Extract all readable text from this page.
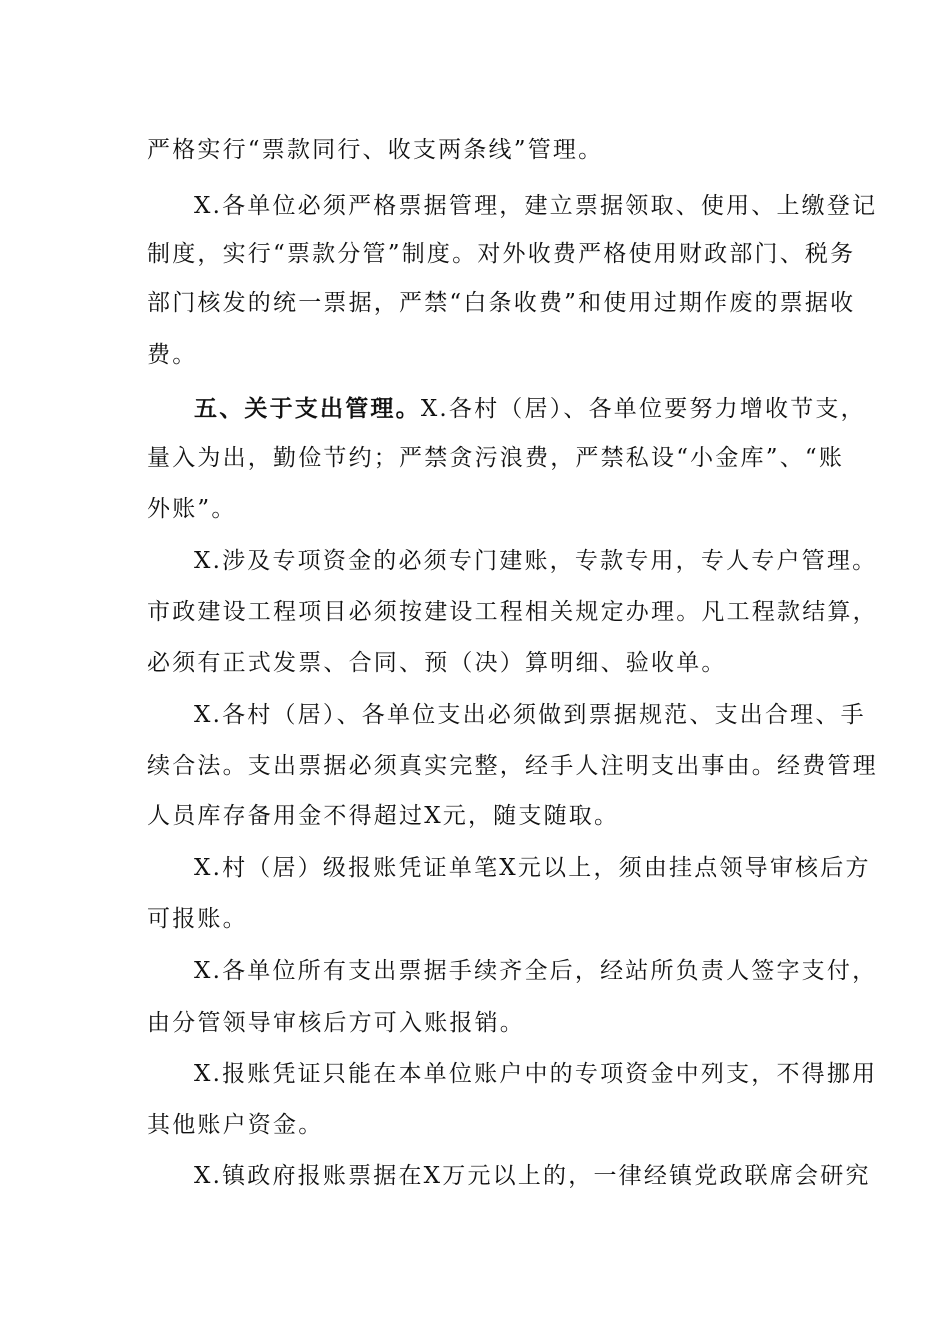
严格实行“票款同行、收支两条线”管理。
X.各单位必须严格票据管理，建立票据领取、使用、上缴登记
制度，实行“票款分管”制度。对外收费严格使用财政部门、税务
部门核发的统一票据，严禁“白条收费”和使用过期作废的票据收
费。
五、关于支出管理。X.各村（居）、各单位要努力增收节支，
量入为出，勤俭节约；严禁贪污浪费，严禁私设“小金库”、“账
外账”。
X.涉及专项资金的必须专门建账，专款专用，专人专户管理。
市政建设工程项目必须按建设工程相关规定办理。凡工程款结算，
必须有正式发票、合同、预（决）算明细、验收单。
X.各村（居）、各单位支出必须做到票据规范、支出合理、手
续合法。支出票据必须真实完整，经手人注明支出事由。经费管理
人员库存备用金不得超过X元，随支随取。
X.村（居）级报账凭证单笔X元以上，须由挂点领导审核后方
可报账。
X.各单位所有支出票据手续齐全后，经站所负责人签字支付，
由分管领导审核后方可入账报销。
X.报账凭证只能在本单位账户中的专项资金中列支，不得挪用
其他账户资金。
X.镇政府报账票据在X万元以上的，一律经镇党政联席会研究
